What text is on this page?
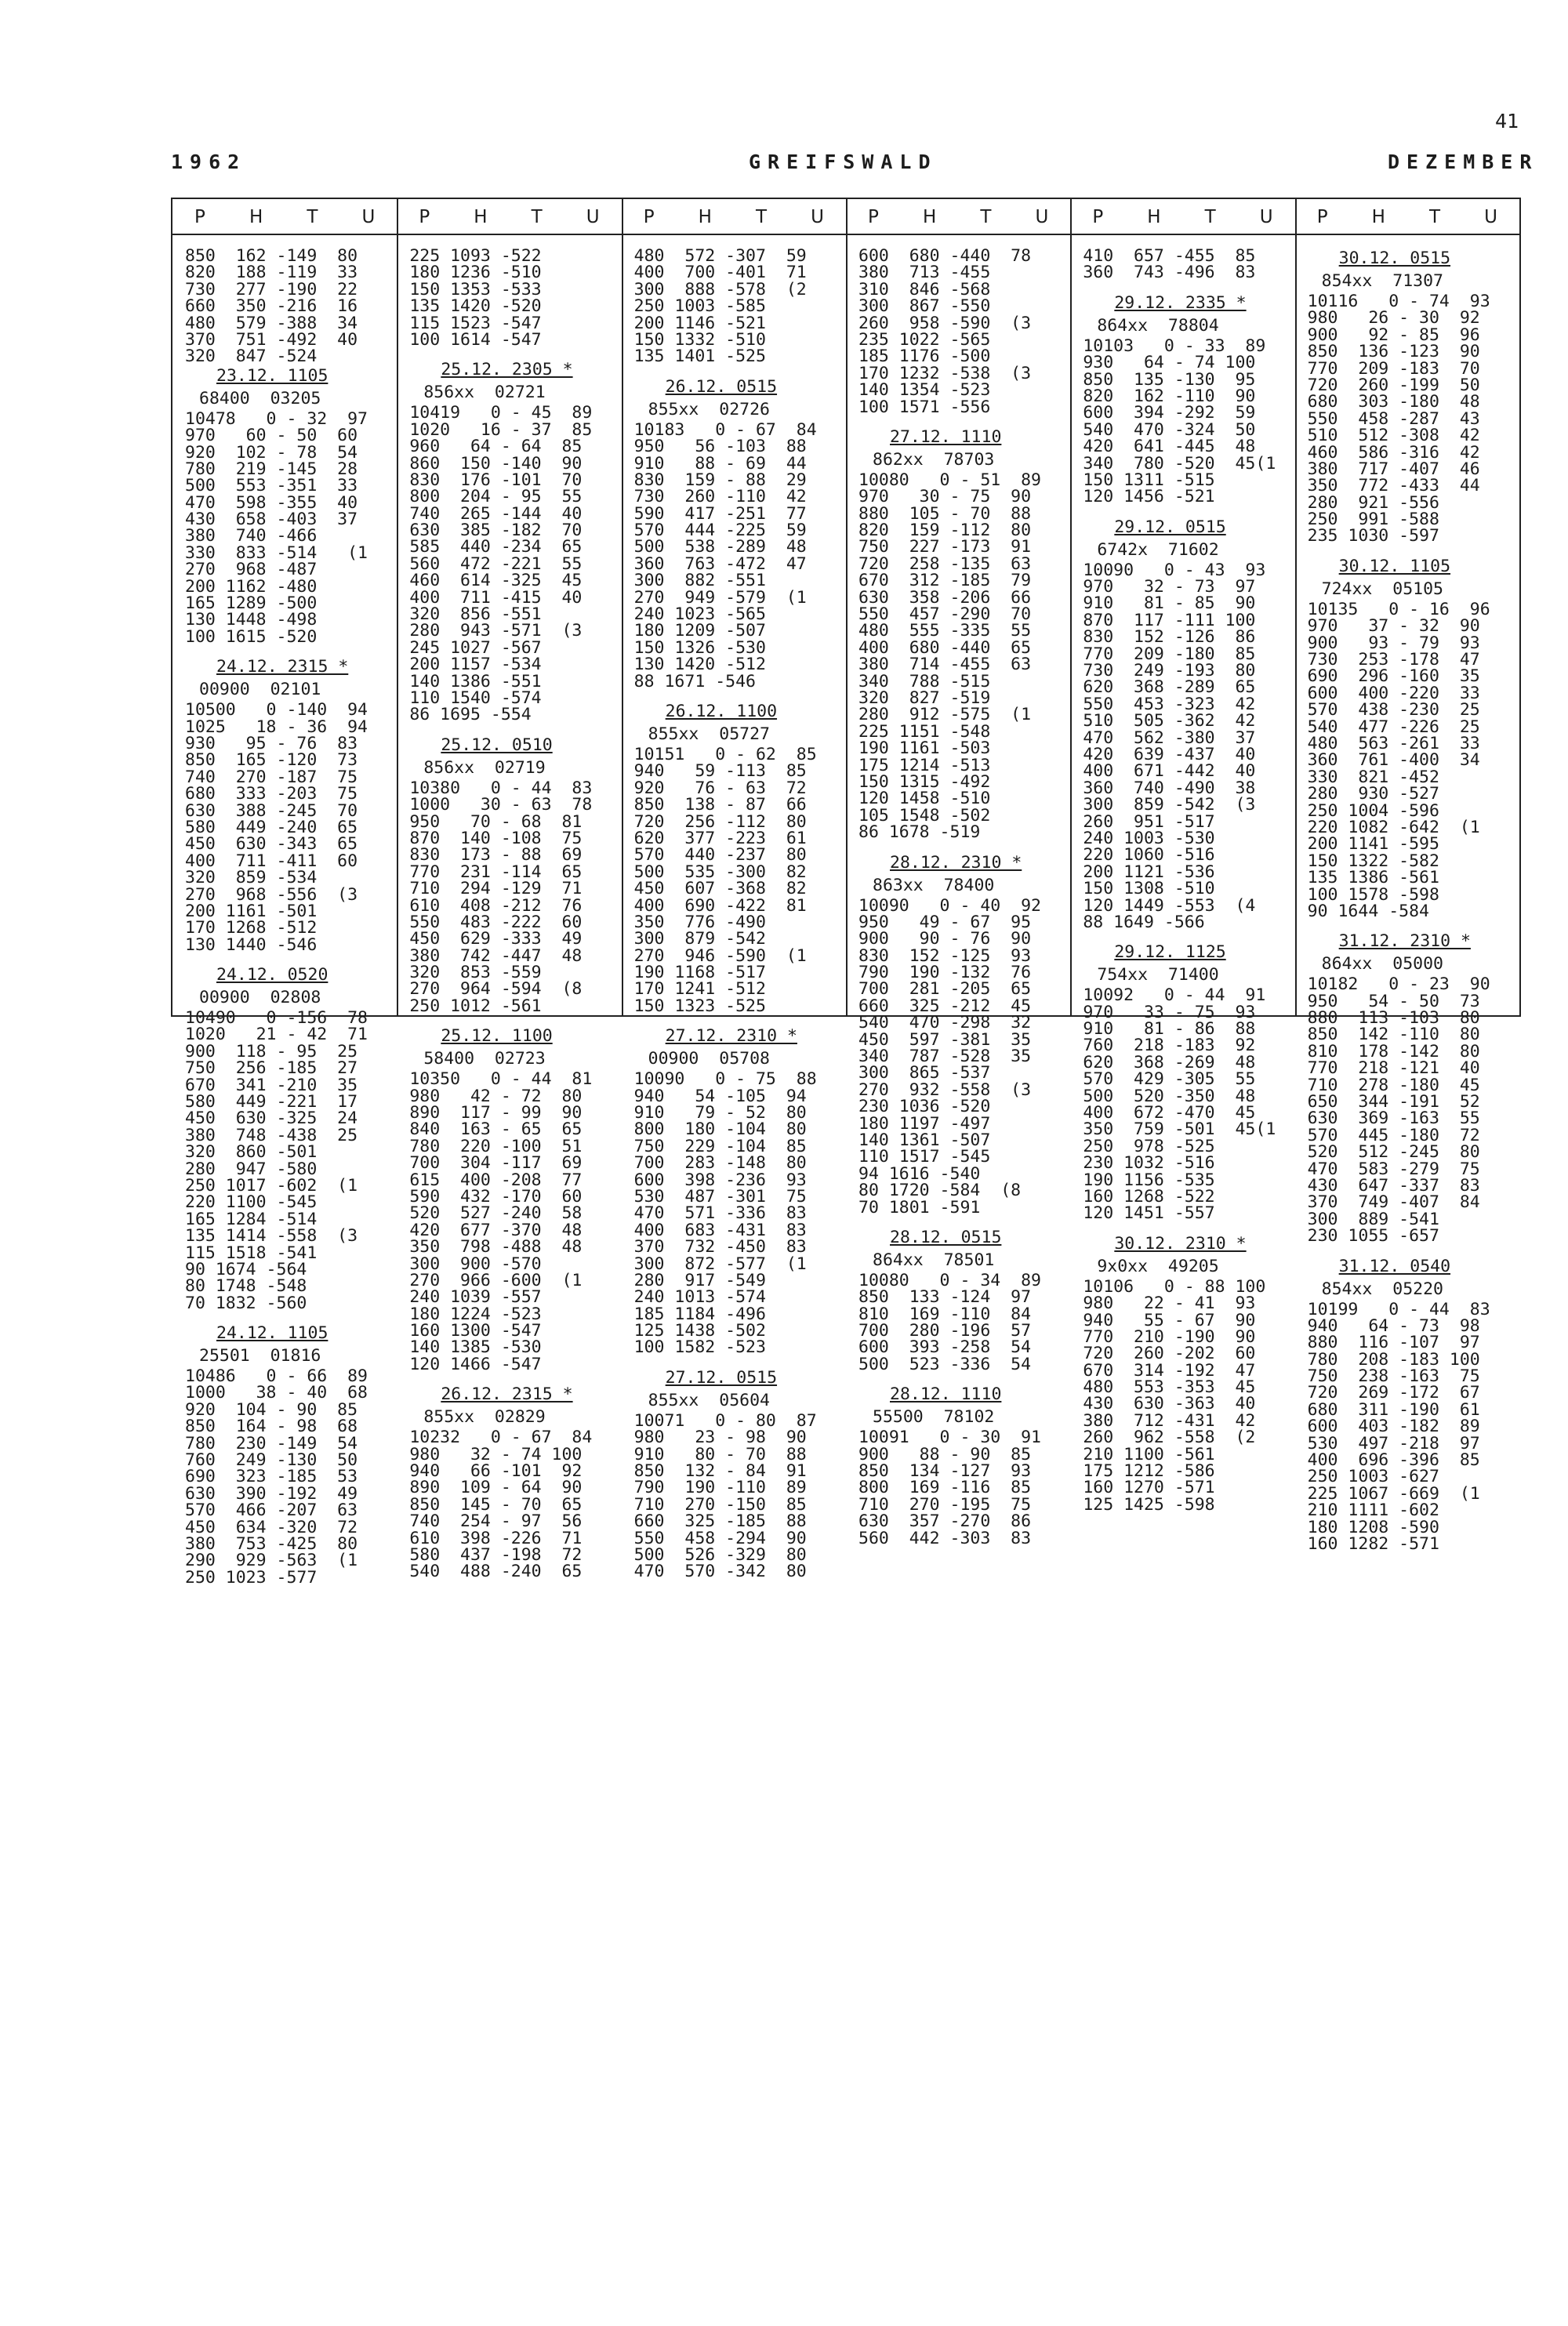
41
1962	GREIFSWALD	DEZEMBER
P H T U
850  162 -149  80
820  188 -119  33
730  277 -190  22
660  350 -216  16
480  579 -388  34
370  751 -492  40
320  847 -524
23.12. 1105
68400  03205
10478   0 - 32  97
970   60 - 50  60
920  102 - 78  54
780  219 -145  28
500  553 -351  33
470  598 -355  40
430  658 -403  37
380  740 -466
330  833 -514   (1
270  968 -487
200 1162 -480
165 1289 -500
130 1448 -498
100 1615 -520
24.12. 2315 *
00900  02101
10500   0 -140  94
1025   18 - 36  94
930   95 - 76  83
850  165 -120  73
740  270 -187  75
680  333 -203  75
630  388 -245  70
580  449 -240  65
450  630 -343  65
400  711 -411  60
320  859 -534
270  968 -556  (3
200 1161 -501
170 1268 -512
130 1440 -546
24.12. 0520
00900  02808
10490   0 -156  78
1020   21 - 42  71
900  118 - 95  25
750  256 -185  27
670  341 -210  35
580  449 -221  17
450  630 -325  24
380  748 -438  25
320  860 -501
280  947 -580
250 1017 -602  (1
220 1100 -545
165 1284 -514
135 1414 -558  (3
115 1518 -541
90 1674 -564
80 1748 -548
70 1832 -560
24.12. 1105
25501  01816
10486   0 - 66  89
1000   38 - 40  68
920  104 - 90  85
850  164 - 98  68
780  230 -149  54
760  249 -130  50
690  323 -185  53
630  390 -192  49
570  466 -207  63
450  634 -320  72
380  753 -425  80
290  929 -563  (1
250 1023 -577
P H T U
225 1093 -522
180 1236 -510
150 1353 -533
135 1420 -520
115 1523 -547
100 1614 -547
25.12. 2305 *
856xx  02721
10419   0 - 45  89
1020   16 - 37  85
960   64 - 64  85
860  150 -140  90
830  176 -101  70
800  204 - 95  55
740  265 -144  40
630  385 -182  70
585  440 -234  65
560  472 -221  55
460  614 -325  45
400  711 -415  40
320  856 -551
280  943 -571  (3
245 1027 -567
200 1157 -534
140 1386 -551
110 1540 -574
86 1695 -554
25.12. 0510
856xx  02719
10380   0 - 44  83
1000   30 - 63  78
950   70 - 68  81
870  140 -108  75
830  173 - 88  69
770  231 -114  65
710  294 -129  71
610  408 -212  76
550  483 -222  60
450  629 -333  49
380  742 -447  48
320  853 -559
270  964 -594  (8
250 1012 -561
25.12. 1100
58400  02723
10350   0 - 44  81
980   42 - 72  80
890  117 - 99  90
840  163 - 65  65
780  220 -100  51
700  304 -117  69
615  400 -208  77
590  432 -170  60
520  527 -240  58
420  677 -370  48
350  798 -488  48
300  900 -570
270  966 -600  (1
240 1039 -557
180 1224 -523
160 1300 -547
140 1385 -530
120 1466 -547
26.12. 2315 *
855xx  02829
10232   0 - 67  84
980   32 - 74 100
940   66 -101  92
890  109 - 64  90
850  145 - 70  65
740  254 - 97  56
610  398 -226  71
580  437 -198  72
540  488 -240  65
P H T U
480  572 -307  59
400  700 -401  71
300  888 -578  (2
250 1003 -585
200 1146 -521
150 1332 -510
135 1401 -525
26.12. 0515
855xx  02726
10183   0 - 67  84
950   56 -103  88
910   88 - 69  44
830  159 - 88  29
730  260 -110  42
590  417 -251  77
570  444 -225  59
500  538 -289  48
360  763 -472  47
300  882 -551
270  949 -579  (1
240 1023 -565
180 1209 -507
150 1326 -530
130 1420 -512
88 1671 -546
26.12. 1100
855xx  05727
10151   0 - 62  85
940   59 -113  85
920   76 - 63  72
850  138 - 87  66
720  256 -112  80
620  377 -223  61
570  440 -237  80
500  535 -300  82
450  607 -368  82
400  690 -422  81
350  776 -490
300  879 -542
270  946 -590  (1
190 1168 -517
170 1241 -512
150 1323 -525
27.12. 2310 *
00900  05708
10090   0 - 75  88
940   54 -105  94
910   79 - 52  80
800  180 -104  80
750  229 -104  85
700  283 -148  80
600  398 -236  93
530  487 -301  75
470  571 -336  83
400  683 -431  83
370  732 -450  83
300  872 -577  (1
280  917 -549
240 1013 -574
185 1184 -496
125 1438 -502
100 1582 -523
27.12. 0515
855xx  05604
10071   0 - 80  87
980   23 - 98  90
910   80 - 70  88
850  132 - 84  91
790  190 -110  89
710  270 -150  85
660  325 -185  88
550  458 -294  90
500  526 -329  80
470  570 -342  80
P H T U
600  680 -440  78
380  713 -455
310  846 -568
300  867 -550
260  958 -590  (3
235 1022 -565
185 1176 -500
170 1232 -538  (3
140 1354 -523
100 1571 -556
27.12. 1110
862xx  78703
10080   0 - 51  89
970   30 - 75  90
880  105 - 70  88
820  159 -112  80
750  227 -173  91
720  258 -135  63
670  312 -185  79
630  358 -206  66
550  457 -290  70
480  555 -335  55
400  680 -440  65
380  714 -455  63
340  788 -515
320  827 -519
280  912 -575  (1
225 1151 -548
190 1161 -503
175 1214 -513
150 1315 -492
120 1458 -510
105 1548 -502
86 1678 -519
28.12. 2310 *
863xx  78400
10090   0 - 40  92
950   49 - 67  95
900   90 - 76  90
830  152 -125  93
790  190 -132  76
700  281 -205  65
660  325 -212  45
540  470 -298  32
450  597 -381  35
340  787 -528  35
300  865 -537
270  932 -558  (3
230 1036 -520
180 1197 -497
140 1361 -507
110 1517 -545
94 1616 -540
80 1720 -584  (8
70 1801 -591
28.12. 0515
864xx  78501
10080   0 - 34  89
850  133 -124  97
810  169 -110  84
700  280 -196  57
600  393 -258  54
500  523 -336  54
28.12. 1110
55500  78102
10091   0 - 30  91
900   88 - 90  85
850  134 -127  93
800  169 -116  85
710  270 -195  75
630  357 -270  86
560  442 -303  83
P H T U
410  657 -455  85
360  743 -496  83
29.12. 2335 *
864xx  78804
10103   0 - 33  89
930   64 - 74 100
850  135 -130  95
820  162 -110  90
600  394 -292  59
540  470 -324  50
420  641 -445  48
340  780 -520  45(1
150 1311 -515
120 1456 -521
29.12. 0515
6742x  71602
10090   0 - 43  93
970   32 - 73  97
910   81 - 85  90
870  117 -111 100
830  152 -126  86
770  209 -180  85
730  249 -193  80
620  368 -289  65
550  453 -323  42
510  505 -362  42
470  562 -380  37
420  639 -437  40
400  671 -442  40
360  740 -490  38
300  859 -542  (3
260  951 -517
240 1003 -530
220 1060 -516
200 1121 -536
150 1308 -510
120 1449 -553  (4
88 1649 -566
29.12. 1125
754xx  71400
10092   0 - 44  91
970   33 - 75  93
910   81 - 86  88
760  218 -183  92
620  368 -269  48
570  429 -305  55
500  520 -350  48
400  672 -470  45
350  759 -501  45(1
250  978 -525
230 1032 -516
190 1156 -535
160 1268 -522
120 1451 -557
30.12. 2310 *
9x0xx  49205
10106   0 - 88 100
980   22 - 41  93
940   55 - 67  90
770  210 -190  90
720  260 -202  60
670  314 -192  47
480  553 -353  45
430  630 -363  40
380  712 -431  42
260  962 -558  (2
210 1100 -561
175 1212 -586
160 1270 -571
125 1425 -598
P H T U
30.12. 0515
854xx  71307
10116   0 - 74  93
980   26 - 30  92
900   92 - 85  96
850  136 -123  90
770  209 -183  70
720  260 -199  50
680  303 -180  48
550  458 -287  43
510  512 -308  42
460  586 -316  42
380  717 -407  46
350  772 -433  44
280  921 -556
250  991 -588
235 1030 -597
30.12. 1105
724xx  05105
10135   0 - 16  96
970   37 - 32  90
900   93 - 79  93
730  253 -178  47
690  296 -160  35
600  400 -220  33
570  438 -230  25
540  477 -226  25
480  563 -261  33
360  761 -400  34
330  821 -452
280  930 -527
250 1004 -596
220 1082 -642  (1
200 1141 -595
150 1322 -582
135 1386 -561
100 1578 -598
90 1644 -584
31.12. 2310 *
864xx  05000
10182   0 - 23  90
950   54 - 50  73
880  113 -103  80
850  142 -110  80
810  178 -142  80
770  218 -121  40
710  278 -180  45
650  344 -191  52
630  369 -163  55
570  445 -180  72
520  512 -245  80
470  583 -279  75
430  647 -337  83
370  749 -407  84
300  889 -541
230 1055 -657
31.12. 0540
854xx  05220
10199   0 - 44  83
940   64 - 73  98
880  116 -107  97
780  208 -183 100
750  238 -163  75
720  269 -172  67
680  311 -190  61
600  403 -182  89
530  497 -218  97
400  696 -396  85
250 1003 -627
225 1067 -669  (1
210 1111 -602
180 1208 -590
160 1282 -571
